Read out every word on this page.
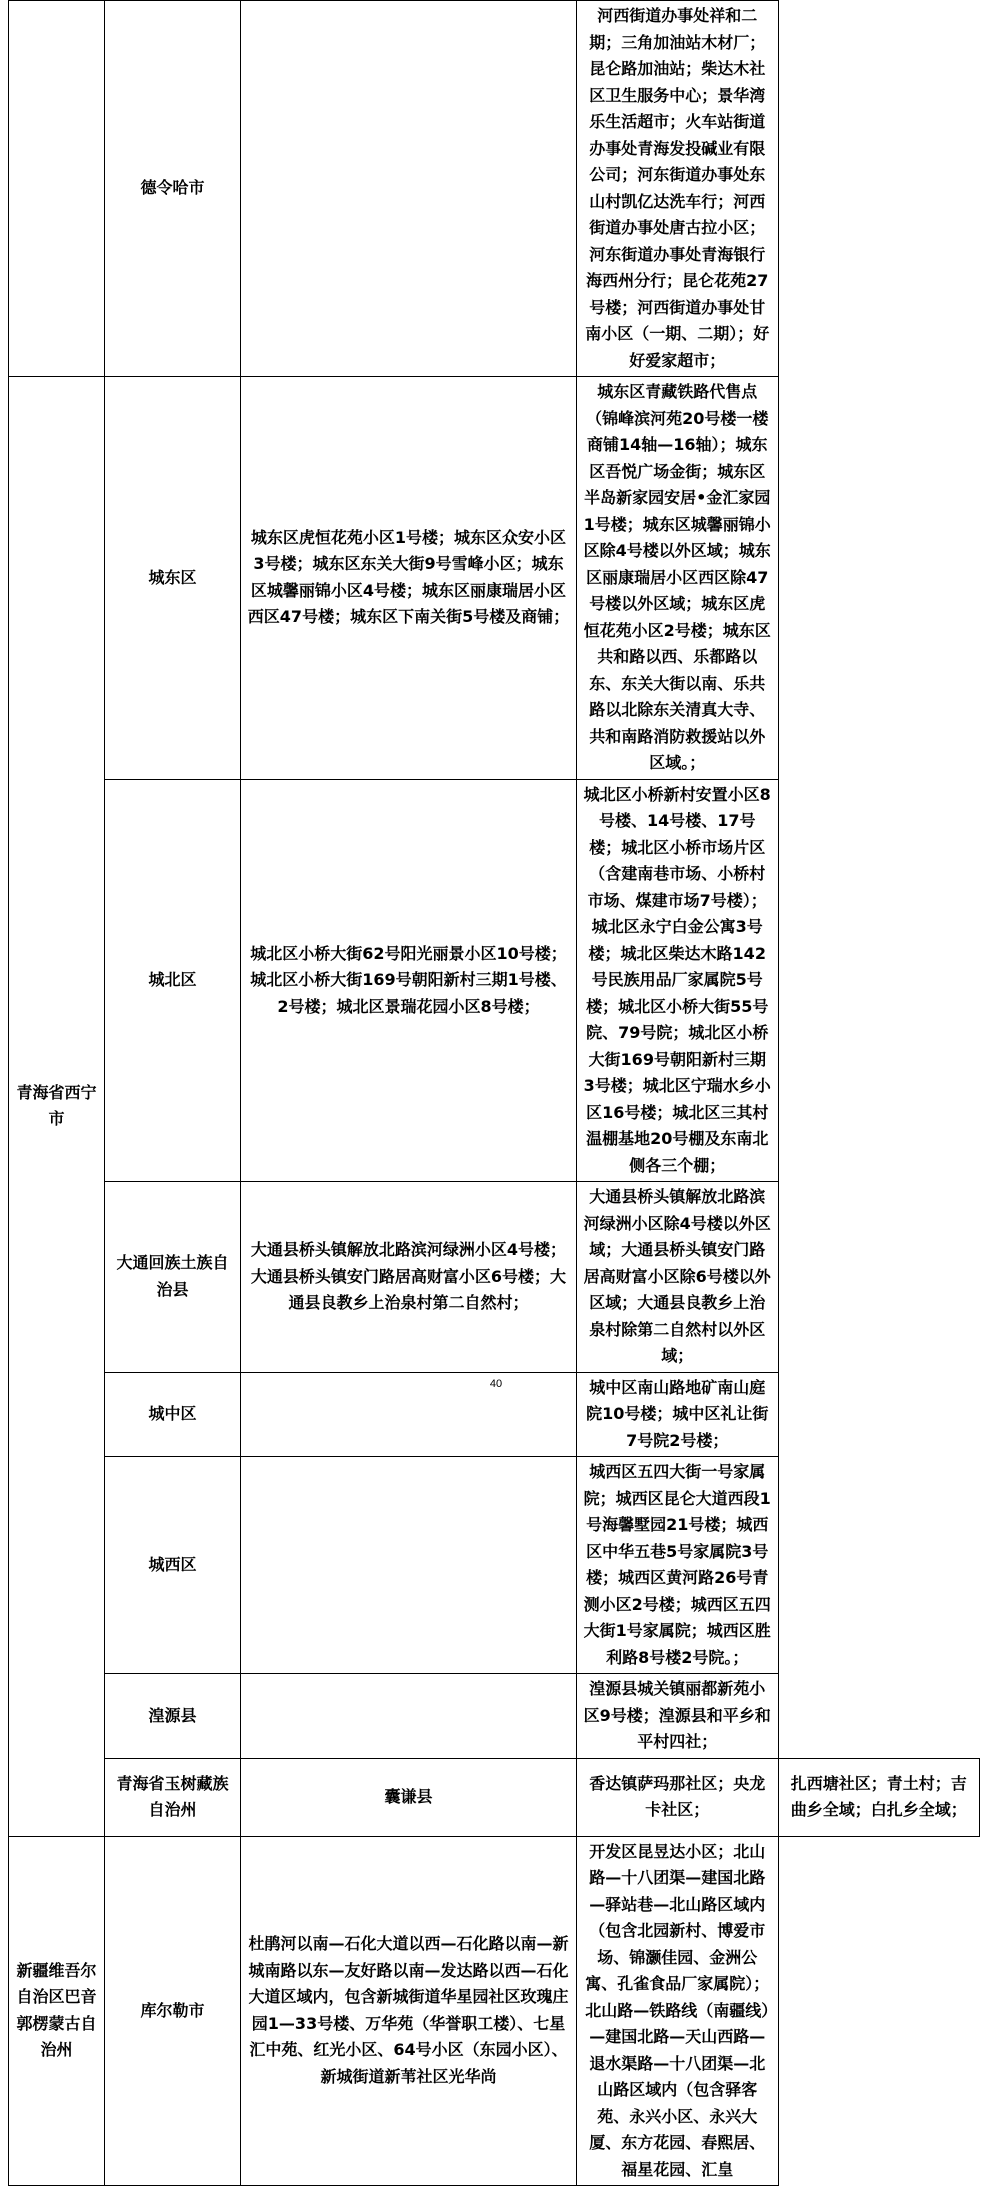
	德令哈市		河西街道办事处祥和二期；三角加油站木材厂；昆仑路加油站；柴达木社区卫生服务中心；景华湾乐生活超市；火车站街道办事处青海发投碱业有限公司；河东街道办事处东山村凯亿达洗车行；河西街道办事处唐古拉小区；河东街道办事处青海银行海西州分行；昆仑花苑27号楼；河西街道办事处甘南小区（一期、二期）；好好爱家超市；	
青海省西宁市	城东区	城东区虎恒花苑小区1号楼；城东区众安小区3号楼；城东区东关大街9号雪峰小区；城东区城馨丽锦小区4号楼；城东区丽康瑞居小区西区47号楼；城东区下南关街5号楼及商铺；	城东区青藏铁路代售点（锦峰滨河苑20号楼一楼商铺14轴—16轴）；城东区吾悦广场金街；城东区半岛新家园安居•金汇家园1号楼；城东区城馨丽锦小区除4号楼以外区域；城东区丽康瑞居小区西区除47号楼以外区域；城东区虎恒花苑小区2号楼；城东区共和路以西、乐都路以东、东关大街以南、乐共路以北除东关清真大寺、共和南路消防救援站以外区域。；	
	城北区	城北区小桥大街62号阳光丽景小区10号楼；城北区小桥大街169号朝阳新村三期1号楼、2号楼；城北区景瑞花园小区8号楼；	城北区小桥新村安置小区8号楼、14号楼、17号楼；城北区小桥市场片区（含建南巷市场、小桥村市场、煤建市场7号楼）；城北区永宁白金公寓3号楼；城北区柴达木路142号民族用品厂家属院5号楼；城北区小桥大街55号院、79号院；城北区小桥大街169号朝阳新村三期3号楼；城北区宁瑞水乡小区16号楼；城北区三其村温棚基地20号棚及东南北侧各三个棚；	
	大通回族土族自治县	大通县桥头镇解放北路滨河绿洲小区4号楼；大通县桥头镇安门路居高财富小区6号楼；大通县良教乡上治泉村第二自然村；	大通县桥头镇解放北路滨河绿洲小区除4号楼以外区域；大通县桥头镇安门路居高财富小区除6号楼以外区域；大通县良教乡上治泉村除第二自然村以外区域；	
	城中区		城中区南山路地矿南山庭院10号楼；城中区礼让街7号院2号楼；	
	城西区		城西区五四大街一号家属院；城西区昆仑大道西段1号海馨墅园21号楼；城西区中华五巷5号家属院3号楼；城西区黄河路26号青测小区2号楼；城西区五四大街1号家属院；城西区胜利路8号楼2号院。；	
	湟源县		湟源县城关镇丽都新苑小区9号楼；湟源县和平乡和平村四社；	
	青海省玉树藏族自治州	囊谦县	香达镇萨玛那社区；央龙卡社区；	扎西塘社区；青土村；吉曲乡全域；白扎乡全域；
新疆维吾尔自治区巴音郭楞蒙古自治州	库尔勒市	杜鹃河以南—石化大道以西—石化路以南—新城南路以东—友好路以南—发达路以西—石化大道区域内，包含新城街道华星园社区玫瑰庄园1—33号楼、万华苑（华誉职工楼）、七星汇中苑、红光小区、64号小区（东园小区）、新城街道新苇社区光华尚	开发区昆昱达小区；北山路—十八团渠—建国北路—驿站巷—北山路区域内（包含北园新村、博爱市场、锦灏佳园、金洲公寓、孔雀食品厂家属院）；北山路—铁路线（南疆线）—建国北路—天山西路—退水渠路—十八团渠—北山路区域内（包含驿客苑、永兴小区、永兴大厦、东方花园、春熙居、福星花园、汇皇	
40
